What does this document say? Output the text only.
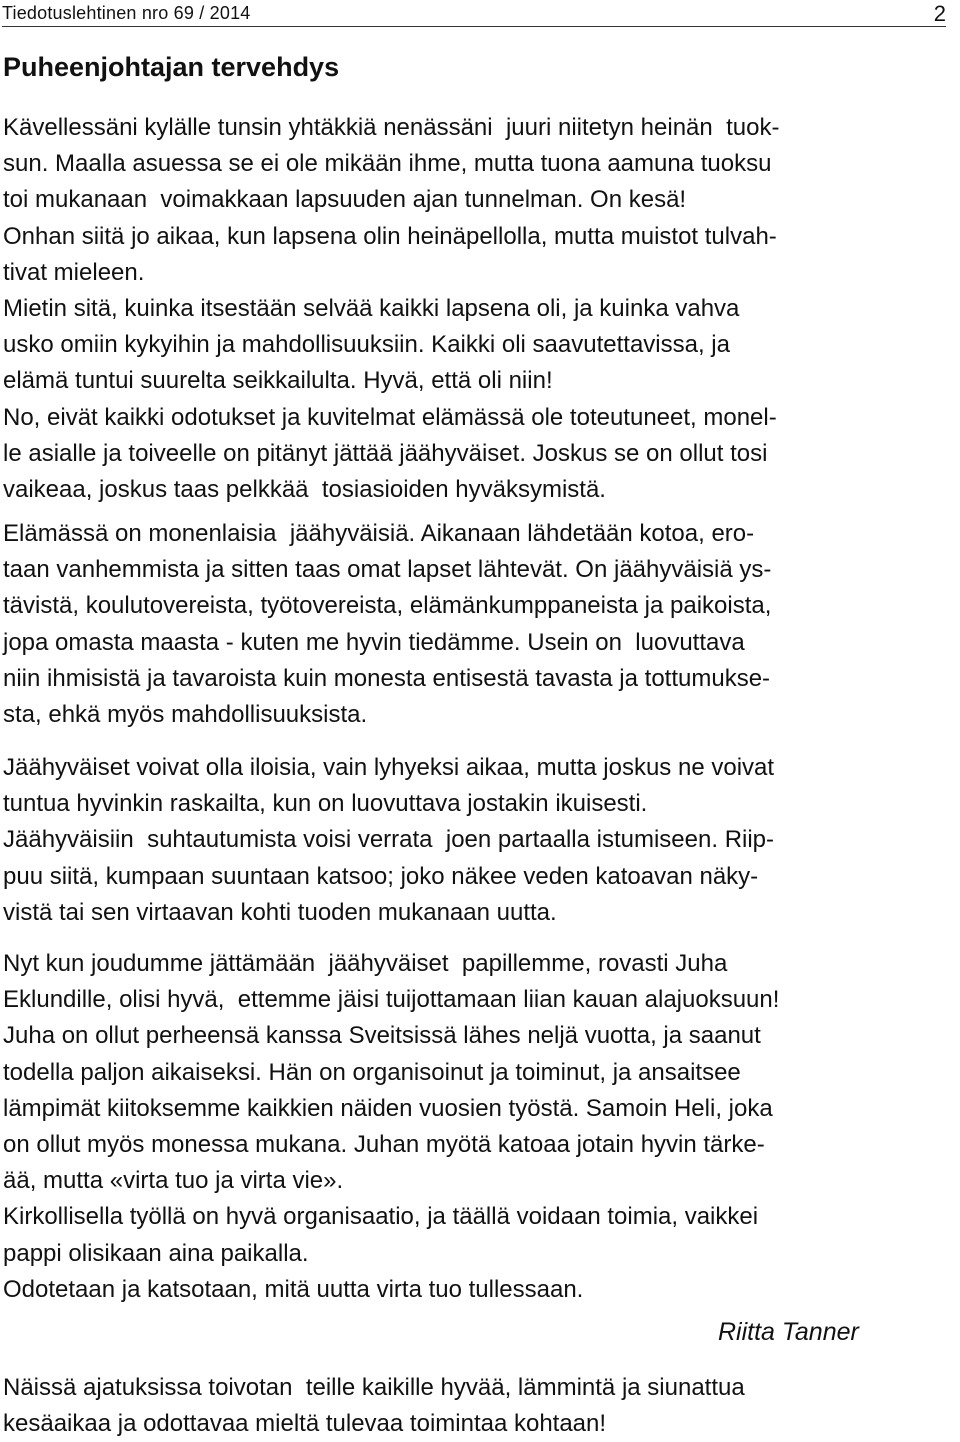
Tiedotuslehtinen nro 69 / 2014	2
Puheenjohtajan tervehdys

Kävellessäni kylälle tunsin yhtäkkiä nenässäni  juuri niitetyn heinän  tuok-
sun. Maalla asuessa se ei ole mikään ihme, mutta tuona aamuna tuoksu
toi mukanaan  voimakkaan lapsuuden ajan tunnelman. On kesä!
Onhan siitä jo aikaa, kun lapsena olin heinäpellolla, mutta muistot tulvah-
tivat mieleen.
Mietin sitä, kuinka itsestään selvää kaikki lapsena oli, ja kuinka vahva
usko omiin kykyihin ja mahdollisuuksiin. Kaikki oli saavutettavissa, ja
elämä tuntui suurelta seikkailulta. Hyvä, että oli niin!
No, eivät kaikki odotukset ja kuvitelmat elämässä ole toteutuneet, monel-
le asialle ja toiveelle on pitänyt jättää jäähyväiset. Joskus se on ollut tosi
vaikeaa, joskus taas pelkkää  tosiasioiden hyväksymistä.

Elämässä on monenlaisia  jäähyväisiä. Aikanaan lähdetään kotoa, ero-
taan vanhemmista ja sitten taas omat lapset lähtevät. On jäähyväisiä ys-
tävistä, koulutovereista, työtovereista, elämänkumppaneista ja paikoista,
jopa omasta maasta - kuten me hyvin tiedämme. Usein on  luovuttava
niin ihmisistä ja tavaroista kuin monesta entisestä tavasta ja tottumukse-
sta, ehkä myös mahdollisuuksista.

Jäähyväiset voivat olla iloisia, vain lyhyeksi aikaa, mutta joskus ne voivat
tuntua hyvinkin raskailta, kun on luovuttava jostakin ikuisesti.
Jäähyväisiin  suhtautumista voisi verrata  joen partaalla istumiseen. Riip-
puu siitä, kumpaan suuntaan katsoo; joko näkee veden katoavan näky-
vistä tai sen virtaavan kohti tuoden mukanaan uutta.

Nyt kun joudumme jättämään  jäähyväiset  papillemme, rovasti Juha
Eklundille, olisi hyvä,  ettemme jäisi tuijottamaan liian kauan alajuoksuun!
Juha on ollut perheensä kanssa Sveitsissä lähes neljä vuotta, ja saanut
todella paljon aikaiseksi. Hän on organisoinut ja toiminut, ja ansaitsee
lämpimät kiitoksemme kaikkien näiden vuosien työstä. Samoin Heli, joka
on ollut myös monessa mukana. Juhan myötä katoaa jotain hyvin tärke-
ää, mutta «virta tuo ja virta vie».
Kirkollisella työllä on hyvä organisaatio, ja täällä voidaan toimia, vaikkei
pappi olisikaan aina paikalla.
Odotetaan ja katsotaan, mitä uutta virta tuo tullessaan.

Riitta Tanner

Näissä ajatuksissa toivotan  teille kaikille hyvää, lämmintä ja siunattua
kesäaikaa ja odottavaa mieltä tulevaa toimintaa kohtaan!
